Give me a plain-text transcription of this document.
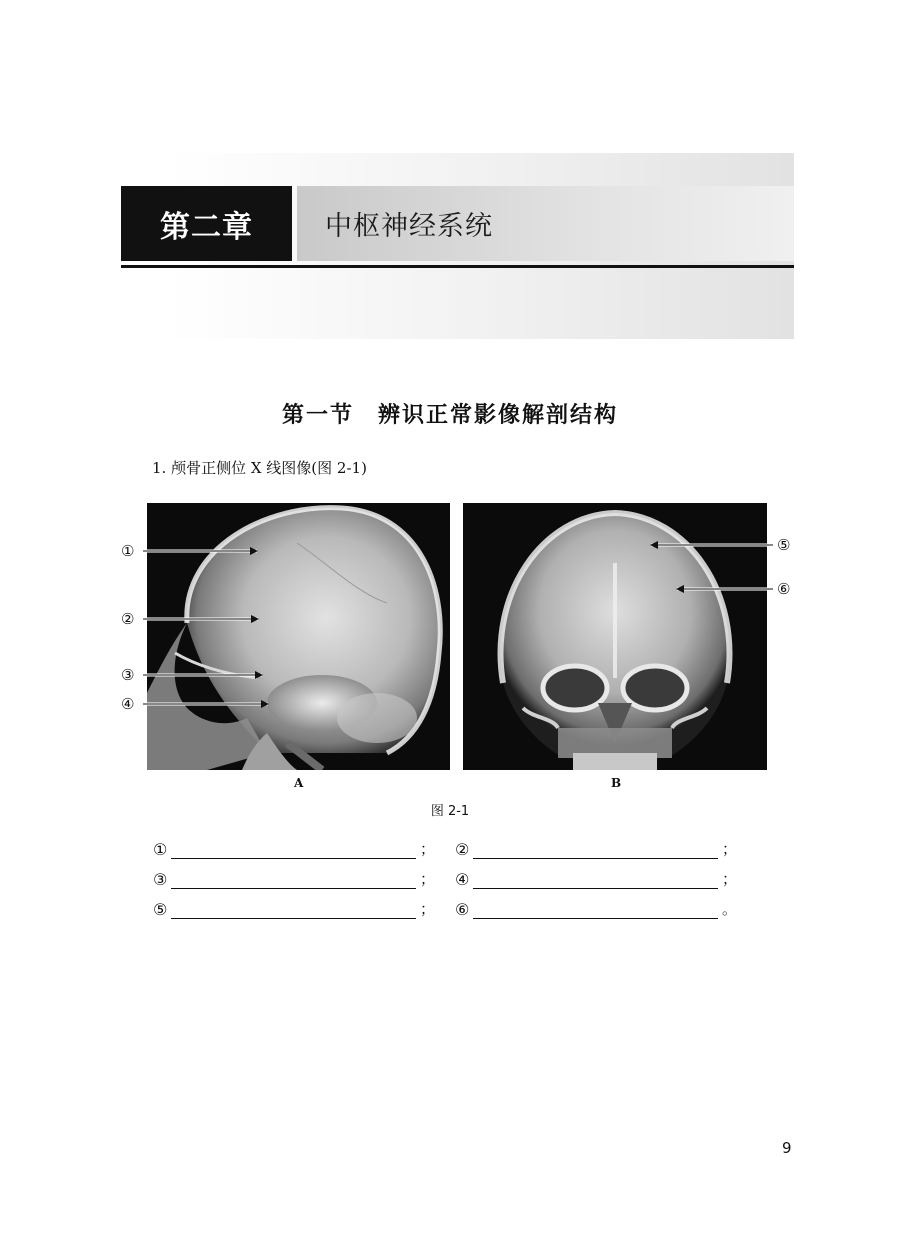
第二章	中枢神经系统
第一节　辨识正常影像解剖结构
1. 颅骨正侧位 X 线图像(图 2-1)
①
②
③
④
⑤
⑥
A	B
图 2-1
①	； ②	；
③	； ④	；
⑤	； ⑥	。
9
